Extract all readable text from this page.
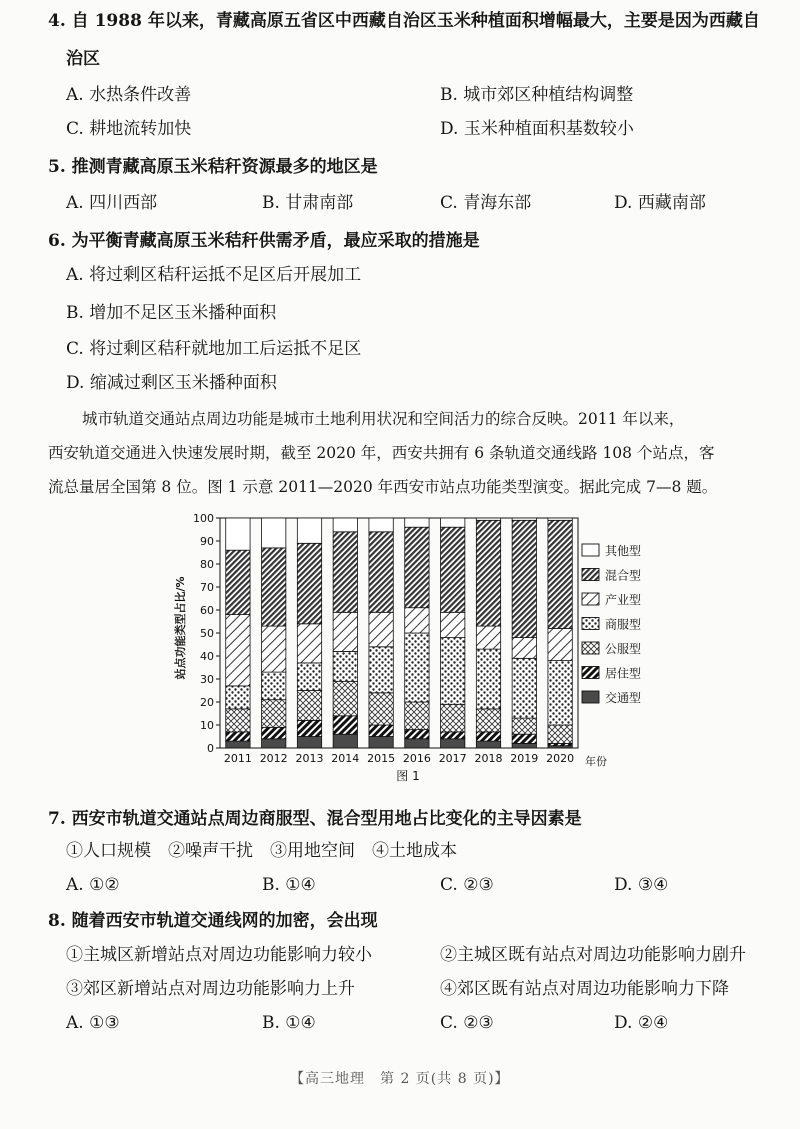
4. 自 1988 年以来，青藏高原五省区中西藏自治区玉米种植面积增幅最大，主要是因为西藏自
治区
A. 水热条件改善	B. 城市郊区种植结构调整
C. 耕地流转加快	D. 玉米种植面积基数较小
5. 推测青藏高原玉米秸秆资源最多的地区是
A. 四川西部	B. 甘肃南部	C. 青海东部	D. 西藏南部
6. 为平衡青藏高原玉米秸秆供需矛盾，最应采取的措施是
A. 将过剩区秸秆运抵不足区后开展加工
B. 增加不足区玉米播种面积
C. 将过剩区秸秆就地加工后运抵不足区
D. 缩减过剩区玉米播种面积
城市轨道交通站点周边功能是城市土地利用状况和空间活力的综合反映。2011 年以来，
西安轨道交通进入快速发展时期，截至 2020 年，西安共拥有 6 条轨道交通线路 108 个站点，客
流总量居全国第 8 位。图 1 示意 2011—2020 年西安市站点功能类型演变。据此完成 7—8 题。
0
10
20
30
40
50
60
70
80
90
100
2011 2012 2013 2014 2015 2016 2017 2018 2019 2020
其他型
混合型
产业型
商服型
公服型
居住型
交通型
站点功能类型占比/%
年份
图 1
7. 西安市轨道交通站点周边商服型、混合型用地占比变化的主导因素是
①人口规模　②噪声干扰　③用地空间　④土地成本
A. ①②	B. ①④	C. ②③	D. ③④
8. 随着西安市轨道交通线网的加密，会出现
①主城区新增站点对周边功能影响力较小	②主城区既有站点对周边功能影响力剧升
③郊区新增站点对周边功能影响力上升	④郊区既有站点对周边功能影响力下降
A. ①③	B. ①④	C. ②③	D. ②④
【高三地理　第 2 页(共 8 页)】
